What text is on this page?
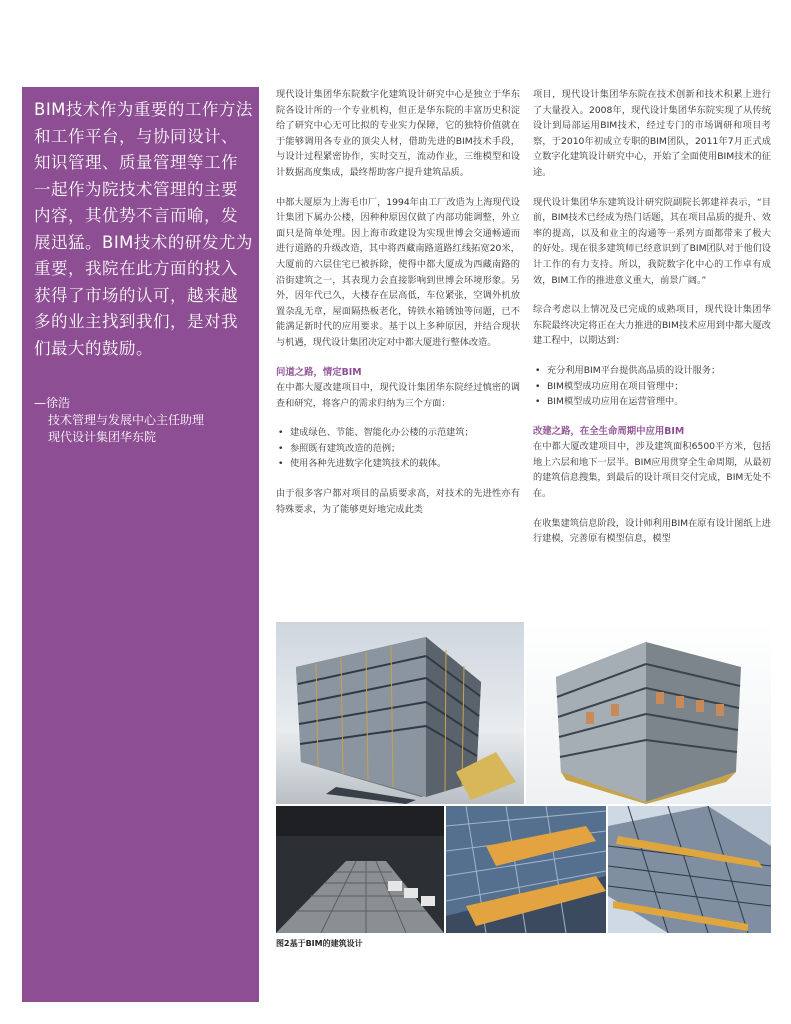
BIM技术作为重要的工作方法和工作平台，与协同设计、知识管理、质量管理等工作一起作为院技术管理的主要内容，其优势不言而喻，发展迅猛。BIM技术的研发尤为重要，我院在此方面的投入获得了市场的认可，越来越多的业主找到我们，是对我们最大的鼓励。
—徐浩
技术管理与发展中心主任助理
现代设计集团华东院

现代设计集团华东院数字化建筑设计研究中心是独立于华东院各设计所的一个专业机构，但正是华东院的丰富历史积淀给了研究中心无可比拟的专业实力保障，它的独特价值就在于能够调用各专业的顶尖人材，借助先进的BIM技术手段，与设计过程紧密协作，实时交互，流动作业，三维模型和设计数据高度集成，最终帮助客户提升建筑品质。

中都大厦原为上海毛巾厂，1994年由工厂改造为上海现代设计集团下属办公楼，因种种原因仅做了内部功能调整，外立面只是简单处理。因上海市政建设为实现世博会交通畅通而进行道路的升级改造，其中将西藏南路道路红线拓宽20米，大厦前的六层住宅已被拆除，使得中都大厦成为西藏南路的沿街建筑之一，其表现力会直接影响到世博会环境形象。另外，因年代已久，大楼存在层高低，车位紧张，空调外机放置杂乱无章，屋面隔热板老化，铸铁水箱锈蚀等问题，已不能满足新时代的应用要求。基于以上多种原因，并结合现状与机遇，现代设计集团决定对中都大厦进行整体改造。

问道之路，情定BIM

在中都大厦改建项目中，现代设计集团华东院经过慎密的调查和研究，将客户的需求归纳为三个方面：

• 建成绿色、节能、智能化办公楼的示范建筑；
• 参照既有建筑改造的范例；
• 使用各种先进数字化建筑技术的载体。

由于很多客户都对项目的品质要求高，对技术的先进性亦有特殊要求，为了能够更好地完成此类

项目，现代设计集团华东院在技术创新和技术积累上进行了大量投入。2008年，现代设计集团华东院实现了从传统设计到局部运用BIM技术，经过专门的市场调研和项目考察，于2010年初成立专职的BIM团队，2011年7月正式成立数字化建筑设计研究中心，开始了全面使用BIM技术的征途。

现代设计集团华东建筑设计研究院副院长郭建祥表示，“目前，BIM技术已经成为热门话题，其在项目品质的提升、效率的提高，以及和业主的沟通等一系列方面都带来了极大的好处。现在很多建筑师已经意识到了BIM团队对于他们设计工作的有力支持。所以，我院数字化中心的工作卓有成效，BIM工作的推进意义重大，前景广阔。”

综合考虑以上情况及已完成的成熟项目，现代设计集团华东院最终决定将正在大力推进的BIM技术应用到中都大厦改建工程中，以期达到：

• 充分利用BIM平台提供高品质的设计服务；
• BIM模型成功应用在项目管理中；
• BIM模型成功应用在运营管理中。
改建之路，在全生命周期中应用BIM

在中都大厦改建项目中，涉及建筑面积6500平方米，包括地上六层和地下一层半。BIM应用贯穿全生命周期，从最初的建筑信息搜集，到最后的设计项目交付完成，BIM无处不在。

在收集建筑信息阶段，设计师利用BIM在原有设计图纸上进行建模，完善原有模型信息，模型

图2基于BIM的建筑设计
